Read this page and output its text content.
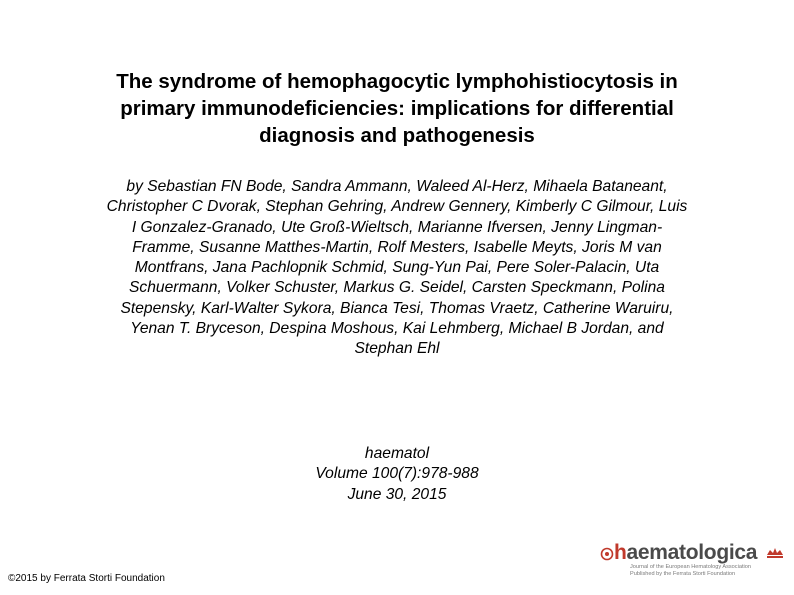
The syndrome of hemophagocytic lymphohistiocytosis in
primary immunodeficiencies: implications for differential
diagnosis and pathogenesis
by Sebastian FN Bode, Sandra Ammann, Waleed Al-Herz, Mihaela Bataneant,
Christopher C Dvorak, Stephan Gehring, Andrew Gennery, Kimberly C Gilmour, Luis
I Gonzalez-Granado, Ute Groß-Wieltsch, Marianne Ifversen, Jenny Lingman-
Framme, Susanne Matthes-Martin, Rolf Mesters, Isabelle Meyts, Joris M van
Montfrans, Jana Pachlopnik Schmid, Sung-Yun Pai, Pere Soler-Palacin, Uta
Schuermann, Volker Schuster, Markus G. Seidel, Carsten Speckmann, Polina
Stepensky, Karl-Walter Sykora, Bianca Tesi, Thomas Vraetz, Catherine Waruiru,
Yenan T. Bryceson, Despina Moshous, Kai Lehmberg, Michael B Jordan, and
Stephan Ehl
haematol
Volume 100(7):978-988
June 30, 2015
©2015 by Ferrata Storti Foundation
haematologica
Journal of the European Hematology Association
Published by the Ferrata Storti Foundation
